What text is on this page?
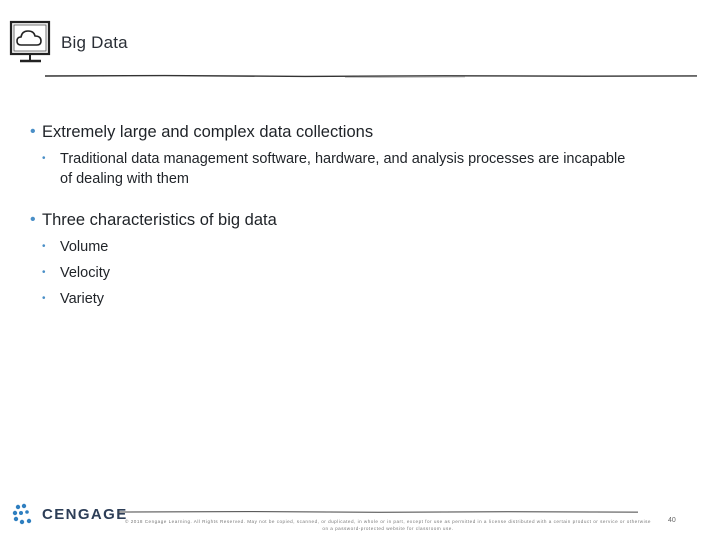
Big Data
• Extremely large and complex data collections
• Traditional data management software, hardware, and analysis processes are incapable of dealing with them
• Three characteristics of big data
• Volume
• Velocity
• Variety
CENGAGE
© 2018 Cengage Learning. All Rights Reserved. May not be copied, scanned, or duplicated, in whole or in part, except for use as permitted in a license distributed with a certain product or service or otherwise on a password-protected website for classroom use.
40
